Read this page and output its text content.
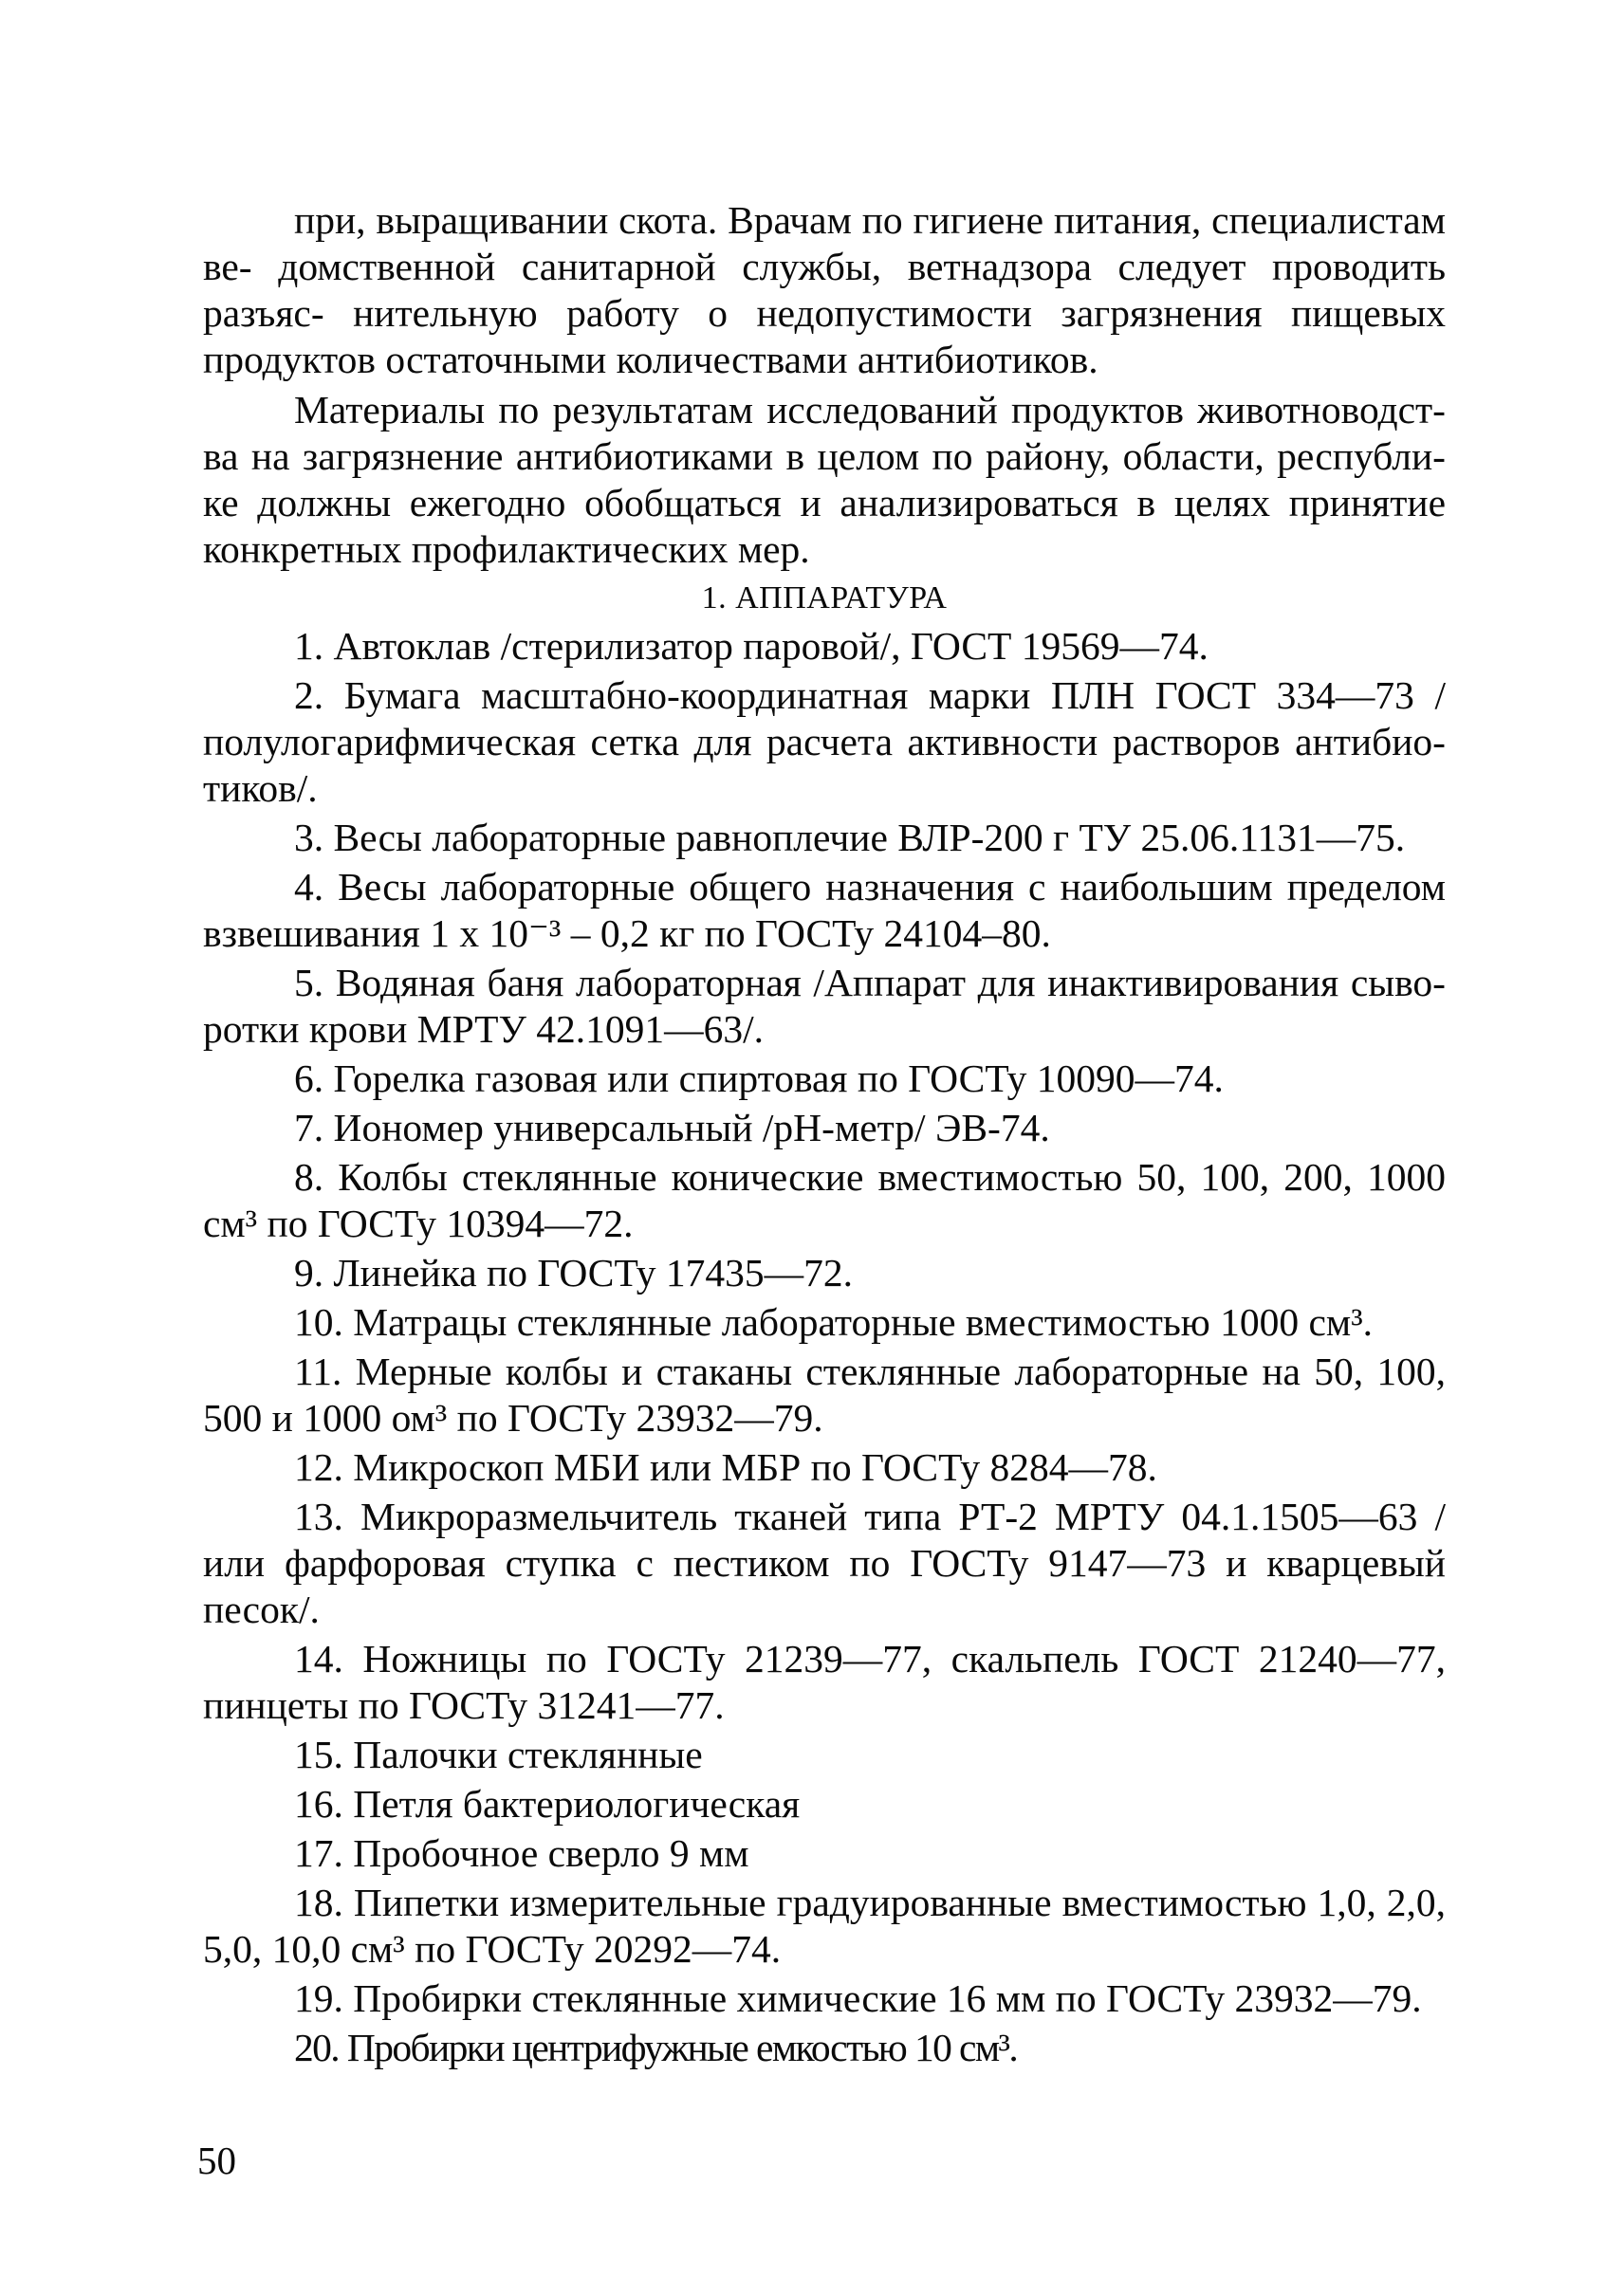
при, выращивании скота. Врачам по гигиене питания, специалистам ве- домственной санитарной службы, ветнадзора следует проводить разъяс- нительную работу о недопустимости загрязнения пищевых продуктов остаточными количествами антибиотиков.

Материалы по результатам исследований продуктов животноводст- ва на загрязнение антибиотиками в целом по району, области, республи- ке должны ежегодно обобщаться и анализироваться в целях принятие конкретных профилактических мер.

1. АППАРАТУРА

1. Автоклав /стерилизатор паровой/, ГОСТ 19569—74.

2. Бумага масштабно-координатная марки ПЛН ГОСТ 334—73 / полулогарифмическая сетка для расчета активности растворов антибио-тиков/.

3. Весы лабораторные равноплечие ВЛР-200 г ТУ 25.06.1131—75.

4. Весы лабораторные общего назначения с наибольшим пределом взвешивания 1 х 10⁻³ – 0,2 кг по ГОСТу 24104–80.

5. Водяная баня лабораторная /Аппарат для инактивирования сыво-ротки крови МРТУ 42.1091—63/.

6. Горелка газовая или спиртовая по ГОСТу 10090—74.

7. Иономер универсальный /рН-метр/ ЭВ-74.

8. Колбы стеклянные конические вместимостью 50, 100, 200, 1000 см³ по ГОСТу 10394—72.

9. Линейка по ГОСТу 17435—72.

10. Матрацы стеклянные лабораторные вместимостью 1000 см³.

11. Мерные колбы и стаканы стеклянные лабораторные на 50, 100, 500 и 1000 ом³ по ГОСТу 23932—79.

12. Микроскоп МБИ или МБР по ГОСТу 8284—78.

13. Микроразмельчитель тканей типа РТ-2 МРТУ 04.1.1505—63 /или фарфоровая ступка с пестиком по ГОСТу 9147—73 и кварцевый песок/.

14. Ножницы по ГОСТу 21239—77, скальпель ГОСТ 21240—77, пинцеты по ГОСТу 31241—77.

15. Палочки стеклянные

16. Петля бактериологическая

17. Пробочное сверло 9 мм

18. Пипетки измерительные градуированные вместимостью 1,0, 2,0, 5,0, 10,0 см³ по ГОСТу 20292—74.

19. Пробирки стеклянные химические 16 мм по ГОСТу 23932—79.

20. Пробирки центрифужные емкостью 10 см³.

50
